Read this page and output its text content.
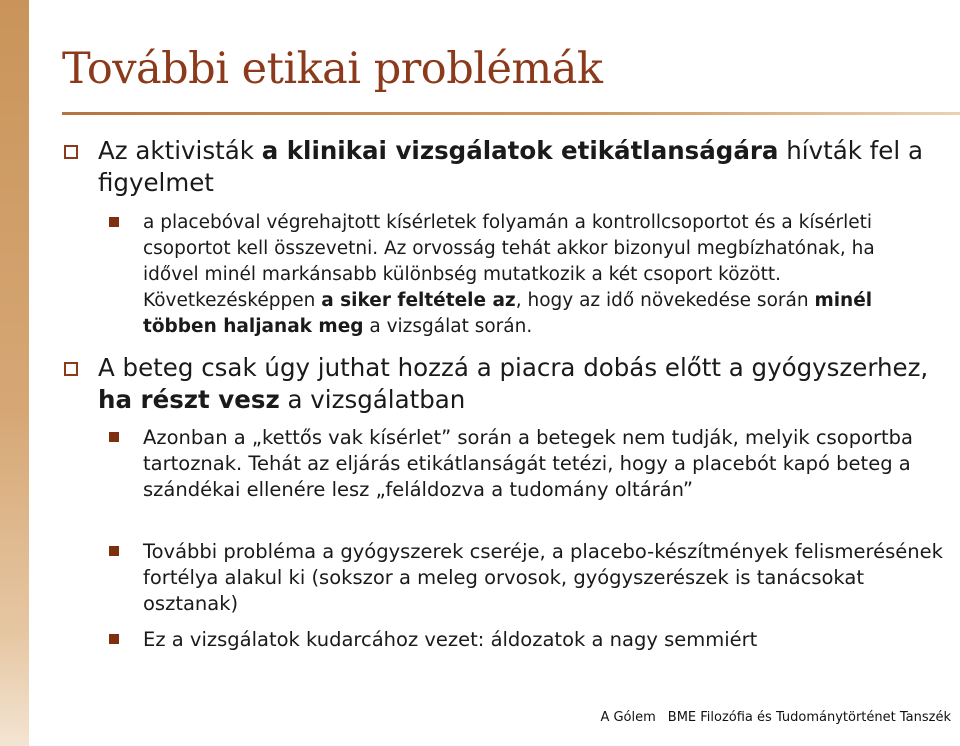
További etikai problémák
Az aktivisták a klinikai vizsgálatok etikátlanságára hívták fel a figyelmet
a placebóval végrehajtott kísérletek folyamán a kontrollcsoportot és a kísérleti csoportot kell összevetni. Az orvosság tehát akkor bizonyul megbízhatónak, ha idővel minél markánsabb különbség mutatkozik a két csoport között. Következésképpen a siker feltétele az, hogy az idő növekedése során minél többen haljanak meg a vizsgálat során.
A beteg csak úgy juthat hozzá a piacra dobás előtt a gyógyszerhez, ha részt vesz a vizsgálatban
Azonban a „kettős vak kísérlet” során a betegek nem tudják, melyik csoportba tartoznak. Tehát az eljárás etikátlanságát tetézi, hogy a placebót kapó beteg a szándékai ellenére lesz „feláldozva a tudomány oltárán”
További probléma a gyógyszerek cseréje, a placebo-készítmények felismerésének fortélya alakul ki (sokszor a meleg orvosok, gyógyszerészek is tanácsokat osztanak)
Ez a vizsgálatok kudarcához vezet: áldozatok a nagy semmiért
A Gólem BME Filozófia és Tudománytörténet Tanszék
